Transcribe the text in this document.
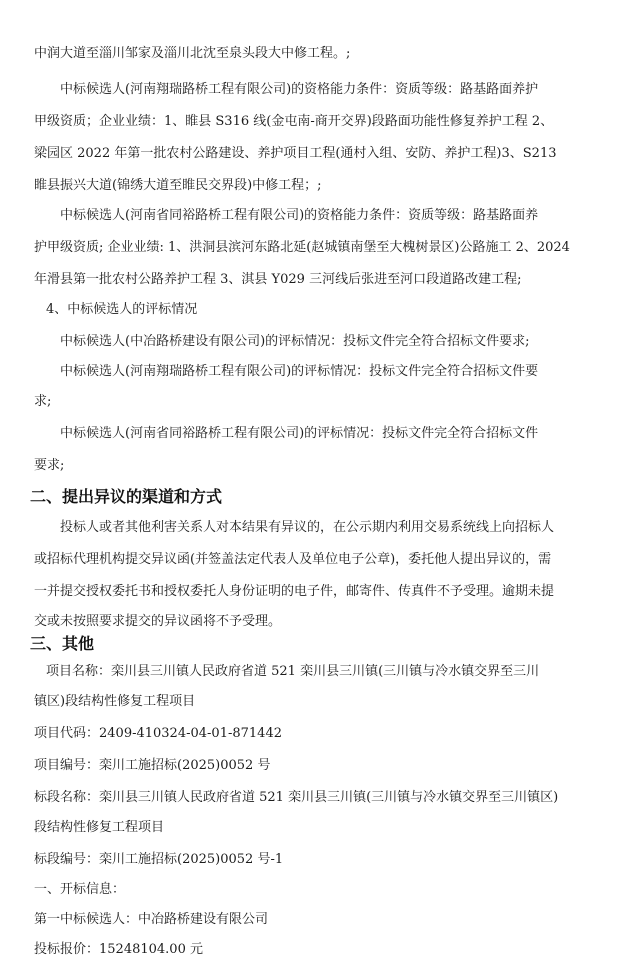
中润大道至淄川邹家及淄川北沈至泉头段大中修工程。;
中标候选人(河南翔瑞路桥工程有限公司)的资格能力条件：资质等级：路基路面养护
甲级资质；企业业绩：1、睢县 S316 线(金屯南-商开交界)段路面功能性修复养护工程 2、
梁园区 2022 年第一批农村公路建设、养护项目工程(通村入组、安防、养护工程)3、S213
睢县振兴大道(锦绣大道至睢民交界段)中修工程；;
中标候选人(河南省同裕路桥工程有限公司)的资格能力条件：资质等级：路基路面养
护甲级资质; 企业业绩: 1、洪洞县滨河东路北延(赵城镇南堡至大槐树景区)公路施工 2、2024
年滑县第一批农村公路养护工程 3、淇县 Y029 三河线后张进至河口段道路改建工程;
4、中标候选人的评标情况
中标候选人(中冶路桥建设有限公司)的评标情况：投标文件完全符合招标文件要求;
中标候选人(河南翔瑞路桥工程有限公司)的评标情况：投标文件完全符合招标文件要
求;
中标候选人(河南省同裕路桥工程有限公司)的评标情况：投标文件完全符合招标文件
要求;
二、提出异议的渠道和方式
投标人或者其他利害关系人对本结果有异议的，在公示期内利用交易系统线上向招标人
或招标代理机构提交异议函(并签盖法定代表人及单位电子公章)，委托他人提出异议的，需
一并提交授权委托书和授权委托人身份证明的电子件，邮寄件、传真件不予受理。逾期未提
交或未按照要求提交的异议函将不予受理。
三、其他
项目名称：栾川县三川镇人民政府省道 521 栾川县三川镇(三川镇与冷水镇交界至三川
镇区)段结构性修复工程项目
项目代码：2409-410324-04-01-871442
项目编号：栾川工施招标(2025)0052 号
标段名称：栾川县三川镇人民政府省道 521 栾川县三川镇(三川镇与冷水镇交界至三川镇区)
段结构性修复工程项目
标段编号：栾川工施招标(2025)0052 号-1
一、开标信息：
第一中标候选人：中冶路桥建设有限公司
投标报价：15248104.00 元
